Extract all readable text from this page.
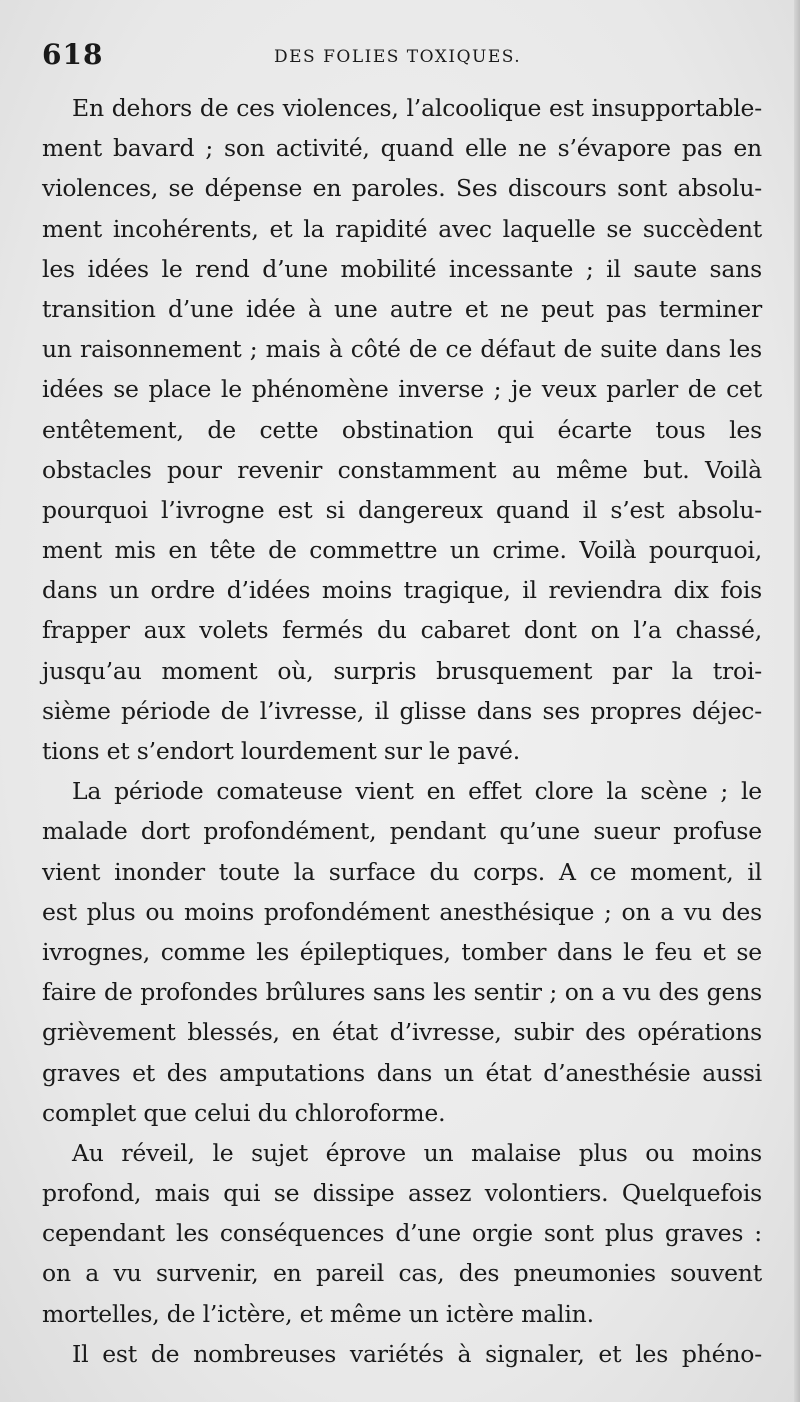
618	DES FOLIES TOXIQUES.
En dehors de ces violences, l’alcoolique est insupportable-
ment bavard ; son activité, quand elle ne s’évapore pas en
violences, se dépense en paroles. Ses discours sont absolu-
ment incohérents, et la rapidité avec laquelle se succèdent
les idées le rend d’une mobilité incessante ; il saute sans
transition d’une idée à une autre et ne peut pas terminer
un raisonnement ; mais à côté de ce défaut de suite dans les
idées se place le phénomène inverse ; je veux parler de cet
entêtement, de cette obstination qui écarte tous les
obstacles pour revenir constamment au même but. Voilà
pourquoi l’ivrogne est si dangereux quand il s’est absolu-
ment mis en tête de commettre un crime. Voilà pourquoi,
dans un ordre d’idées moins tragique, il reviendra dix fois
frapper aux volets fermés du cabaret dont on l’a chassé,
jusqu’au moment où, surpris brusquement par la troi-
sième période de l’ivresse, il glisse dans ses propres déjec-
tions et s’endort lourdement sur le pavé.
La période comateuse vient en effet clore la scène ; le
malade dort profondément, pendant qu’une sueur profuse
vient inonder toute la surface du corps. A ce moment, il
est plus ou moins profondément anesthésique ; on a vu des
ivrognes, comme les épileptiques, tomber dans le feu et se
faire de profondes brûlures sans les sentir ; on a vu des gens
grièvement blessés, en état d’ivresse, subir des opérations
graves et des amputations dans un état d’anesthésie aussi
complet que celui du chloroforme.
Au réveil, le sujet éprove un malaise plus ou moins
profond, mais qui se dissipe assez volontiers. Quelquefois
cependant les conséquences d’une orgie sont plus graves :
on a vu survenir, en pareil cas, des pneumonies souvent
mortelles, de l’ictère, et même un ictère malin.
Il est de nombreuses variétés à signaler, et les phéno-
